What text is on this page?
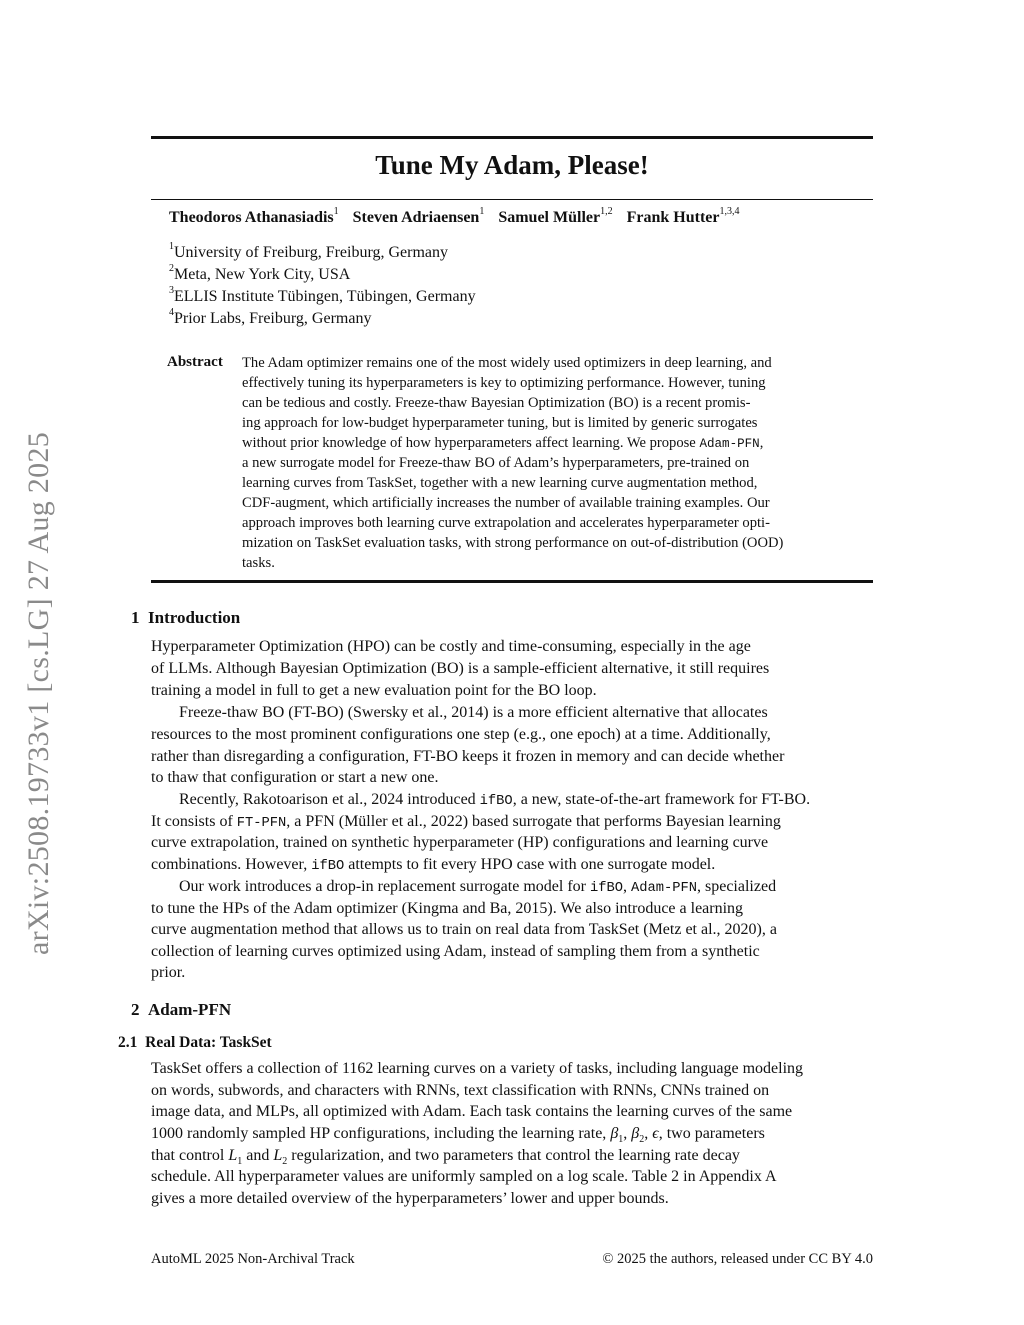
arXiv:2508.19733v1 [cs.LG] 27 Aug 2025
Tune My Adam, Please!
Theodoros Athanasiadis$^1$ Steven Adriaensen$^1$ Samuel Müller$^{1,2}$ Frank Hutter$^{1,3,4}$
$^1$University of Freiburg, Freiburg, Germany
$^2$Meta, New York City, USA
$^3$ELLIS Institute Tübingen, Tübingen, Germany
$^4$Prior Labs, Freiburg, Germany
Abstract The Adam optimizer remains one of the most widely used optimizers in deep learning, and
effectively tuning its hyperparameters is key to optimizing performance. However, tuning
can be tedious and costly. Freeze-thaw Bayesian Optimization (BO) is a recent promis-
ing approach for low-budget hyperparameter tuning, but is limited by generic surrogates
without prior knowledge of how hyperparameters affect learning. We propose Adam-PFN,
a new surrogate model for Freeze-thaw BO of Adam’s hyperparameters, pre-trained on
learning curves from TaskSet, together with a new learning curve augmentation method,
CDF-augment, which artificially increases the number of available training examples. Our
approach improves both learning curve extrapolation and accelerates hyperparameter opti-
mization on TaskSet evaluation tasks, with strong performance on out-of-distribution (OOD)
tasks.
1 Introduction
Hyperparameter Optimization (HPO) can be costly and time-consuming, especially in the age
of LLMs. Although Bayesian Optimization (BO) is a sample-efficient alternative, it still requires
training a model in full to get a new evaluation point for the BO loop.
Freeze-thaw BO (FT-BO) (Swersky et al., 2014) is a more efficient alternative that allocates
resources to the most prominent configurations one step (e.g., one epoch) at a time. Additionally,
rather than disregarding a configuration, FT-BO keeps it frozen in memory and can decide whether
to thaw that configuration or start a new one.
Recently, Rakotoarison et al., 2024 introduced ifBO, a new, state-of-the-art framework for FT-BO.
It consists of FT-PFN, a PFN (Müller et al., 2022) based surrogate that performs Bayesian learning
curve extrapolation, trained on synthetic hyperparameter (HP) configurations and learning curve
combinations. However, ifBO attempts to fit every HPO case with one surrogate model.
Our work introduces a drop-in replacement surrogate model for ifBO, Adam-PFN, specialized
to tune the HPs of the Adam optimizer (Kingma and Ba, 2015). We also introduce a learning
curve augmentation method that allows us to train on real data from TaskSet (Metz et al., 2020), a
collection of learning curves optimized using Adam, instead of sampling them from a synthetic
prior.
2 Adam-PFN
2.1 Real Data: TaskSet
TaskSet offers a collection of 1162 learning curves on a variety of tasks, including language modeling
on words, subwords, and characters with RNNs, text classification with RNNs, CNNs trained on
image data, and MLPs, all optimized with Adam. Each task contains the learning curves of the same
1000 randomly sampled HP configurations, including the learning rate, $\beta_1$, $\beta_2$, ϵ, two parameters
that control $L_1$ and $L_2$ regularization, and two parameters that control the learning rate decay
schedule. All hyperparameter values are uniformly sampled on a log scale. Table 2 in Appendix A
gives a more detailed overview of the hyperparameters’ lower and upper bounds.
AutoML 2025 Non-Archival Track	© 2025 the authors, released under CC BY 4.0
